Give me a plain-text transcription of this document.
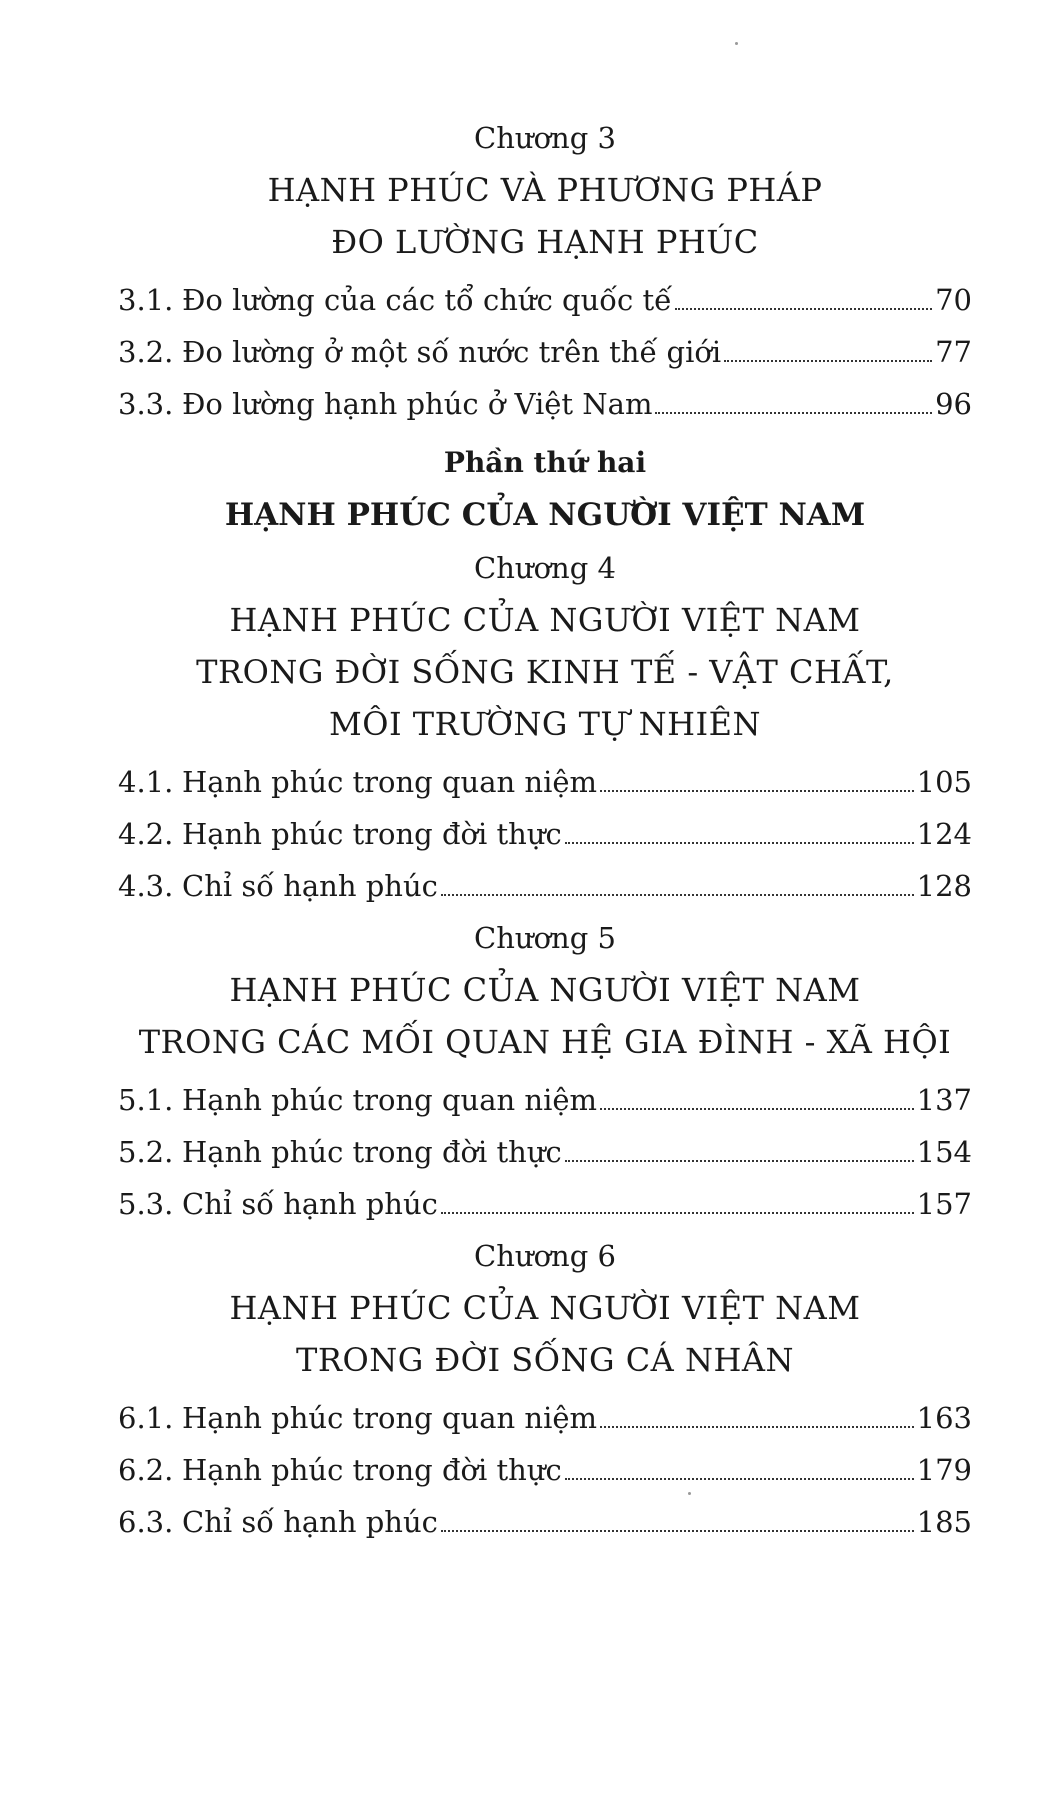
Chương 3
HẠNH PHÚC VÀ PHƯƠNG PHÁP
ĐO LƯỜNG HẠNH PHÚC
3.1. Đo lường của các tổ chức quốc tế	70
3.2. Đo lường ở một số nước trên thế giới	77
3.3. Đo lường hạnh phúc ở Việt Nam	96
Phần thứ hai
HẠNH PHÚC CỦA NGƯỜI VIỆT NAM
Chương 4
HẠNH PHÚC CỦA NGƯỜI VIỆT NAM
TRONG ĐỜI SỐNG KINH TẾ - VẬT CHẤT,
MÔI TRƯỜNG TỰ NHIÊN
4.1. Hạnh phúc trong quan niệm	105
4.2. Hạnh phúc trong đời thực	124
4.3. Chỉ số hạnh phúc	128
Chương 5
HẠNH PHÚC CỦA NGƯỜI VIỆT NAM
TRONG CÁC MỐI QUAN HỆ GIA ĐÌNH - XÃ HỘI
5.1. Hạnh phúc trong quan niệm	137
5.2. Hạnh phúc trong đời thực	154
5.3. Chỉ số hạnh phúc	157
Chương 6
HẠNH PHÚC CỦA NGƯỜI VIỆT NAM
TRONG ĐỜI SỐNG CÁ NHÂN
6.1. Hạnh phúc trong quan niệm	163
6.2. Hạnh phúc trong đời thực	179
6.3. Chỉ số hạnh phúc	185
